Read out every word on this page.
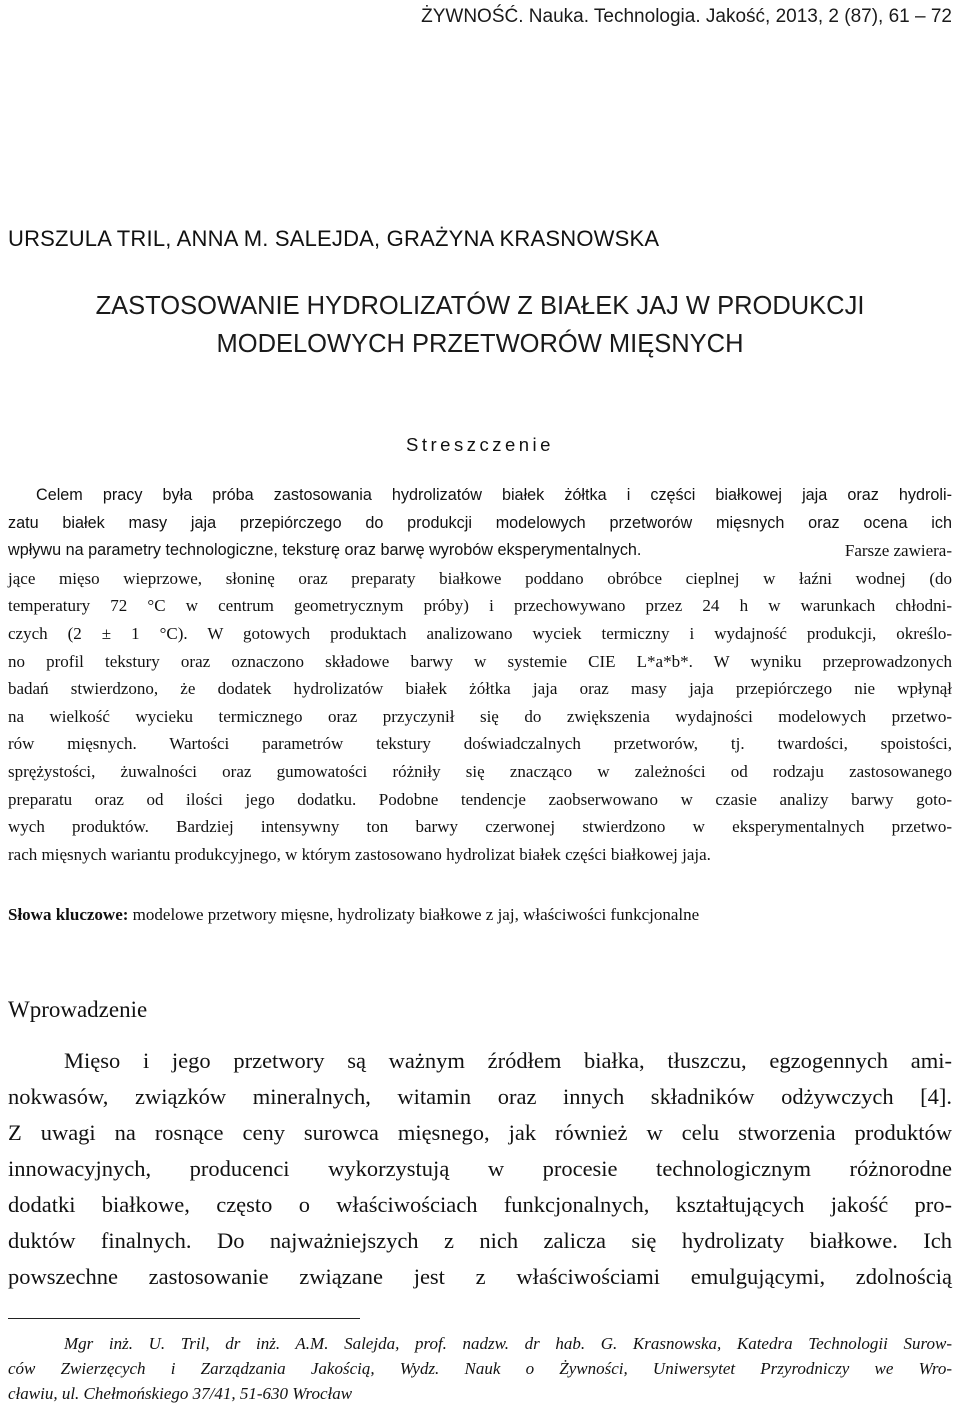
ŻYWNOŚĆ. Nauka. Technologia. Jakość, 2013, 2 (87), 61 – 72
URSZULA TRIL, ANNA M. SALEJDA, GRAŻYNA KRASNOWSKA
ZASTOSOWANIE HYDROLIZATÓW Z BIAŁEK JAJ W PRODUKCJI
MODELOWYCH PRZETWORÓW MIĘSNYCH
Streszczenie
Celem pracy była próba zastosowania hydrolizatów białek żółtka i części białkowej jaja oraz hydroli-
zatu białek masy jaja przepiórczego do produkcji modelowych przetworów mięsnych oraz ocena ich
wpływu na parametry technologiczne, teksturę oraz barwę wyrobów eksperymentalnych.	Farsze zawiera-
jące mięso wieprzowe, słoninę oraz preparaty białkowe poddano obróbce cieplnej w łaźni wodnej (do
temperatury 72 °C w centrum geometrycznym próby) i przechowywano przez 24 h w warunkach chłodni-
czych (2 ± 1 °C). W gotowych produktach analizowano wyciek termiczny i wydajność produkcji, określo-
no profil tekstury oraz oznaczono składowe barwy w systemie CIE L*a*b*. W wyniku przeprowadzonych
badań stwierdzono, że dodatek hydrolizatów białek żółtka jaja oraz masy jaja przepiórczego nie wpłynął
na wielkość wycieku termicznego oraz przyczynił się do zwiększenia wydajności modelowych przetwo-
rów mięsnych. Wartości parametrów tekstury doświadczalnych przetworów, tj. twardości, spoistości,
sprężystości, żuwalności oraz gumowatości różniły się znacząco w zależności od rodzaju zastosowanego
preparatu oraz od ilości jego dodatku. Podobne tendencje zaobserwowano w czasie analizy barwy goto-
wych produktów. Bardziej intensywny ton barwy czerwonej stwierdzono w eksperymentalnych przetwo-
rach mięsnych wariantu produkcyjnego, w którym zastosowano hydrolizat białek części białkowej jaja.
Słowa kluczowe: modelowe przetwory mięsne, hydrolizaty białkowe z jaj, właściwości funkcjonalne
Wprowadzenie
Mięso i jego przetwory są ważnym źródłem białka, tłuszczu, egzogennych ami-
nokwasów, związków mineralnych, witamin oraz innych składników odżywczych [4].
Z uwagi na rosnące ceny surowca mięsnego, jak również w celu stworzenia produktów
innowacyjnych, producenci wykorzystują w procesie technologicznym różnorodne
dodatki białkowe, często o właściwościach funkcjonalnych, kształtujących jakość pro-
duktów finalnych. Do najważniejszych z nich zalicza się hydrolizaty białkowe. Ich
powszechne zastosowanie związane jest z właściwościami emulgującymi, zdolnością
Mgr inż. U. Tril, dr inż. A.M. Salejda, prof. nadzw. dr hab. G. Krasnowska, Katedra Technologii Surow-
ców Zwierzęcych i Zarządzania Jakością, Wydz. Nauk o Żywności, Uniwersytet Przyrodniczy we Wro-
cławiu, ul. Chełmońskiego 37/41, 51-630 Wrocław
